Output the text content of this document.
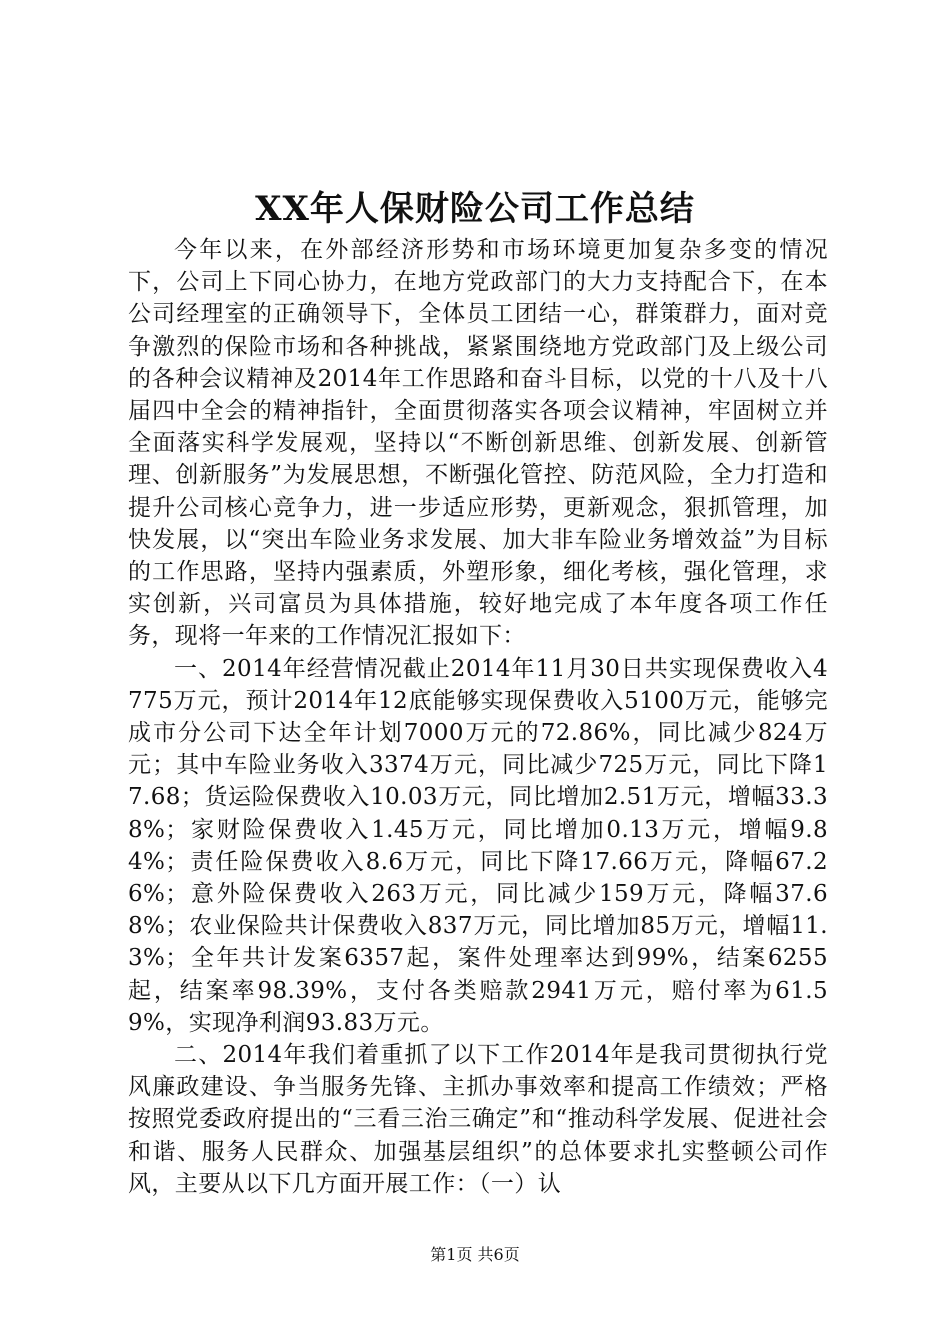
XX年人保财险公司工作总结

今年以来，在外部经济形势和市场环境更加复杂多变的情况下，公司上下同心协力，在地方党政部门的大力支持配合下，在本公司经理室的正确领导下，全体员工团结一心，群策群力，面对竞争激烈的保险市场和各种挑战，紧紧围绕地方党政部门及上级公司的各种会议精神及2014年工作思路和奋斗目标，以党的十八及十八届四中全会的精神指针，全面贯彻落实各项会议精神，牢固树立并全面落实科学发展观，坚持以“不断创新思维、创新发展、创新管理、创新服务”为发展思想，不断强化管控、防范风险，全力打造和提升公司核心竞争力，进一步适应形势，更新观念，狠抓管理，加快发展，以“突出车险业务求发展、加大非车险业务增效益”为目标的工作思路，坚持内强素质，外塑形象，细化考核，强化管理，求实创新，兴司富员为具体措施，较好地完成了本年度各项工作任务，现将一年来的工作情况汇报如下：

一、2014年经营情况截止2014年11月30日共实现保费收入4775万元，预计2014年12底能够实现保费收入5100万元，能够完成市分公司下达全年计划7000万元的72.86%，同比减少824万元；其中车险业务收入3374万元，同比减少725万元，同比下降17.68；货运险保费收入10.03万元，同比增加2.51万元，增幅33.38%；家财险保费收入1.45万元，同比增加0.13万元，增幅9.84%；责任险保费收入8.6万元，同比下降17.66万元，降幅67.26%；意外险保费收入263万元，同比减少159万元，降幅37.68%；农业保险共计保费收入837万元，同比增加85万元，增幅11.3%；全年共计发案6357起，案件处理率达到99%，结案6255起，结案率98.39%，支付各类赔款2941万元，赔付率为61.59%，实现净利润93.83万元。

二、2014年我们着重抓了以下工作2014年是我司贯彻执行党风廉政建设、争当服务先锋、主抓办事效率和提高工作绩效；严格按照党委政府提出的“三看三治三确定”和“推动科学发展、促进社会和谐、服务人民群众、加强基层组织”的总体要求扎实整顿公司作风，主要从以下几方面开展工作：（一）认

第1页 共6页
